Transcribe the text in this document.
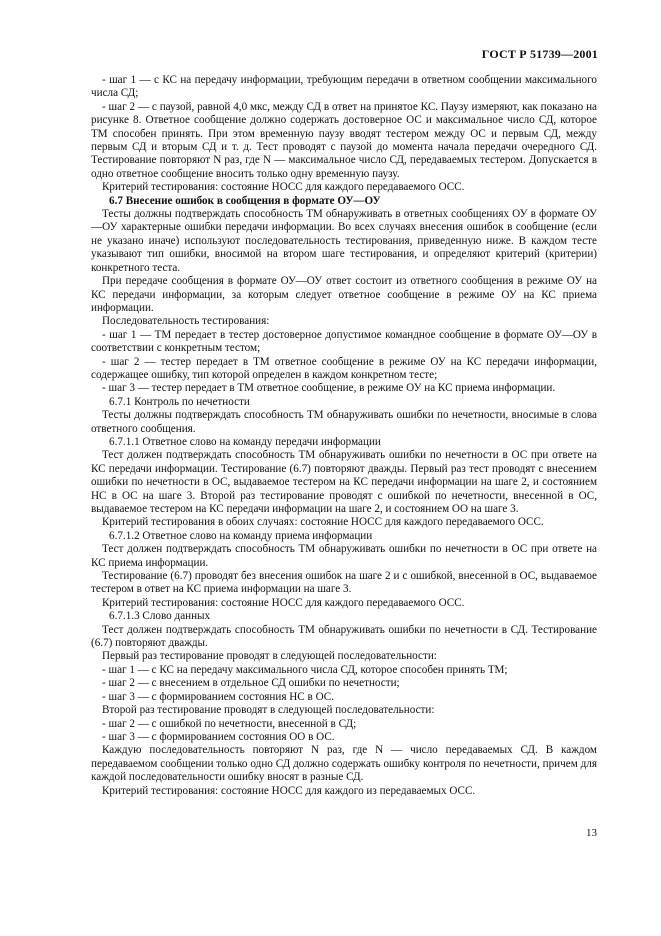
ГОСТ Р 51739—2001

- шаг 1 — с КС на передачу информации, требующим передачи в ответном сообщении максимального числа СД;

- шаг 2 — с паузой, равной 4,0 мкс, между СД в ответ на принятое КС. Паузу измеряют, как показано на рисунке 8. Ответное сообщение должно содержать достоверное ОС и максимальное число СД, которое ТМ способен принять. При этом временную паузу вводят тестером между ОС и первым СД, между первым СД и вторым СД и т. д. Тест проводят с паузой до момента начала передачи очередного СД. Тестирование повторяют N раз, где N — максимальное число СД, передаваемых тестером. Допускается в одно ответное сообщение вносить только одну временную паузу.

Критерий тестирования: состояние НОСС для каждого передаваемого ОСС.

6.7 Внесение ошибок в сообщения в формате ОУ—ОУ

Тесты должны подтверждать способность ТМ обнаруживать в ответных сообщениях ОУ в формате ОУ—ОУ характерные ошибки передачи информации. Во всех случаях внесения ошибок в сообщение (если не указано иначе) используют последовательность тестирования, приведенную ниже. В каждом тесте указывают тип ошибки, вносимой на втором шаге тестирования, и определяют критерий (критерии) конкретного теста.

При передаче сообщения в формате ОУ—ОУ ответ состоит из ответного сообщения в режиме ОУ на КС передачи информации, за которым следует ответное сообщение в режиме ОУ на КС приема информации.

Последовательность тестирования:

- шаг 1 — ТМ передает в тестер достоверное допустимое командное сообщение в формате ОУ—ОУ в соответствии с конкретным тестом;

- шаг 2 — тестер передает в ТМ ответное сообщение в режиме ОУ на КС передачи информации, содержащее ошибку, тип которой определен в каждом конкретном тесте;

- шаг 3 — тестер передает в ТМ ответное сообщение, в режиме ОУ на КС приема информации.

6.7.1 Контроль по нечетности

Тесты должны подтверждать способность ТМ обнаруживать ошибки по нечетности, вносимые в слова ответного сообщения.

6.7.1.1 Ответное слово на команду передачи информации

Тест должен подтверждать способность ТМ обнаруживать ошибки по нечетности в ОС при ответе на КС передачи информации. Тестирование (6.7) повторяют дважды. Первый раз тест проводят с внесением ошибки по нечетности в ОС, выдаваемое тестером на КС передачи информации на шаге 2, и состоянием НС в ОС на шаге 3. Второй раз тестирование проводят с ошибкой по нечетности, внесенной в ОС, выдаваемое тестером на КС передачи информации на шаге 2, и состоянием ОО на шаге 3.

Критерий тестирования в обоих случаях: состояние НОСС для каждого передаваемого ОСС.

6.7.1.2 Ответное слово на команду приема информации

Тест должен подтверждать способность ТМ обнаруживать ошибки по нечетности в ОС при ответе на КС приема информации.

Тестирование (6.7) проводят без внесения ошибок на шаге 2 и с ошибкой, внесенной в ОС, выдаваемое тестером в ответ на КС приема информации на шаге 3.

Критерий тестирования: состояние НОСС для каждого передаваемого ОСС.

6.7.1.3 Слово данных

Тест должен подтверждать способность ТМ обнаруживать ошибки по нечетности в СД. Тестирование (6.7) повторяют дважды.

Первый раз тестирование проводят в следующей последовательности:

- шаг 1 — с КС на передачу максимального числа СД, которое способен принять ТМ;

- шаг 2 — с внесением в отдельное СД ошибки по нечетности;

- шаг 3 — с формированием состояния НС в ОС.

Второй раз тестирование проводят в следующей последовательности:

- шаг 2 — с ошибкой по нечетности, внесенной в СД;

- шаг 3 — с формированием состояния ОО в ОС.

Каждую последовательность повторяют N раз, где N — число передаваемых СД. В каждом передаваемом сообщении только одно СД должно содержать ошибку контроля по нечетности, причем для каждой последовательности ошибку вносят в разные СД.

Критерий тестирования: состояние НОСС для каждого из передаваемых ОСС.

13
